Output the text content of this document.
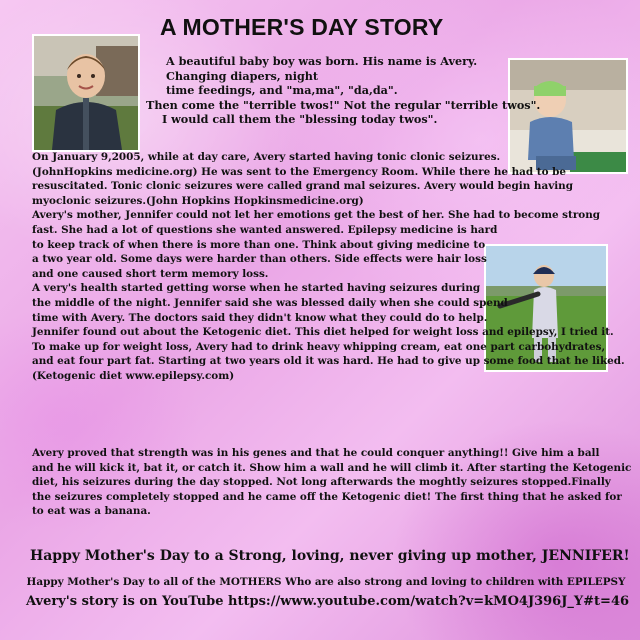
A MOTHER'S DAY STORY
A beautiful baby boy was born. His name is Avery.
Changing diapers, night
time feedings, and "ma,ma", "da,da".
Then come the "terrible twos!" Not the regular "terrible twos".
I would call them the "blessing today twos".
On January 9,2005, while at day care, Avery started having tonic clonic seizures.
(JohnHopkins medicine.org) He was sent to the Emergency Room. While there he had to be
resuscitated. Tonic clonic seizures were called grand mal seizures. Avery would begin having
myoclonic seizures.(John Hopkins Hopkinsmedicine.org)
Avery's mother, Jennifer could not let her emotions get the best of her. She had to become strong
fast. She had a lot of questions she wanted answered. Epilepsy medicine is hard
to keep track of when there is more than one. Think about giving medicine to
a two year old. Some days were harder than others. Side effects were hair loss
and one caused short term memory loss.
A very's health started getting worse when he started having seizures during
the middle of the night. Jennifer said she was blessed daily when she could spend
time with Avery. The doctors said they didn't know what they could do to help.
Jennifer found out about the Ketogenic diet. This diet helped for weight loss and epilepsy, I tried it.
To make up for weight loss, Avery had to drink heavy whipping cream, eat one part carbohydrates,
and eat four part fat. Starting at two years old it was hard. He had to give up some food that he liked.
(Ketogenic diet www.epilepsy.com)
Avery proved that strength was in his genes and that he could conquer anything!! Give him a ball
and he will kick it, bat it, or catch it. Show him a wall and he will climb it. After starting the Ketogenic
diet, his seizures during the day stopped. Not long afterwards the moghtly seizures stopped.Finally
the seizures completely stopped and he came off the Ketogenic diet! The first thing that he asked for
to eat was a banana.
Happy Mother's Day to a Strong, loving, never giving up mother, JENNIFER!
Happy Mother's Day to all of the MOTHERS Who are also strong and loving to children with EPILEPSY
Avery's story is on YouTube https://www.youtube.com/watch?v=kMO4J396J_Y#t=46
